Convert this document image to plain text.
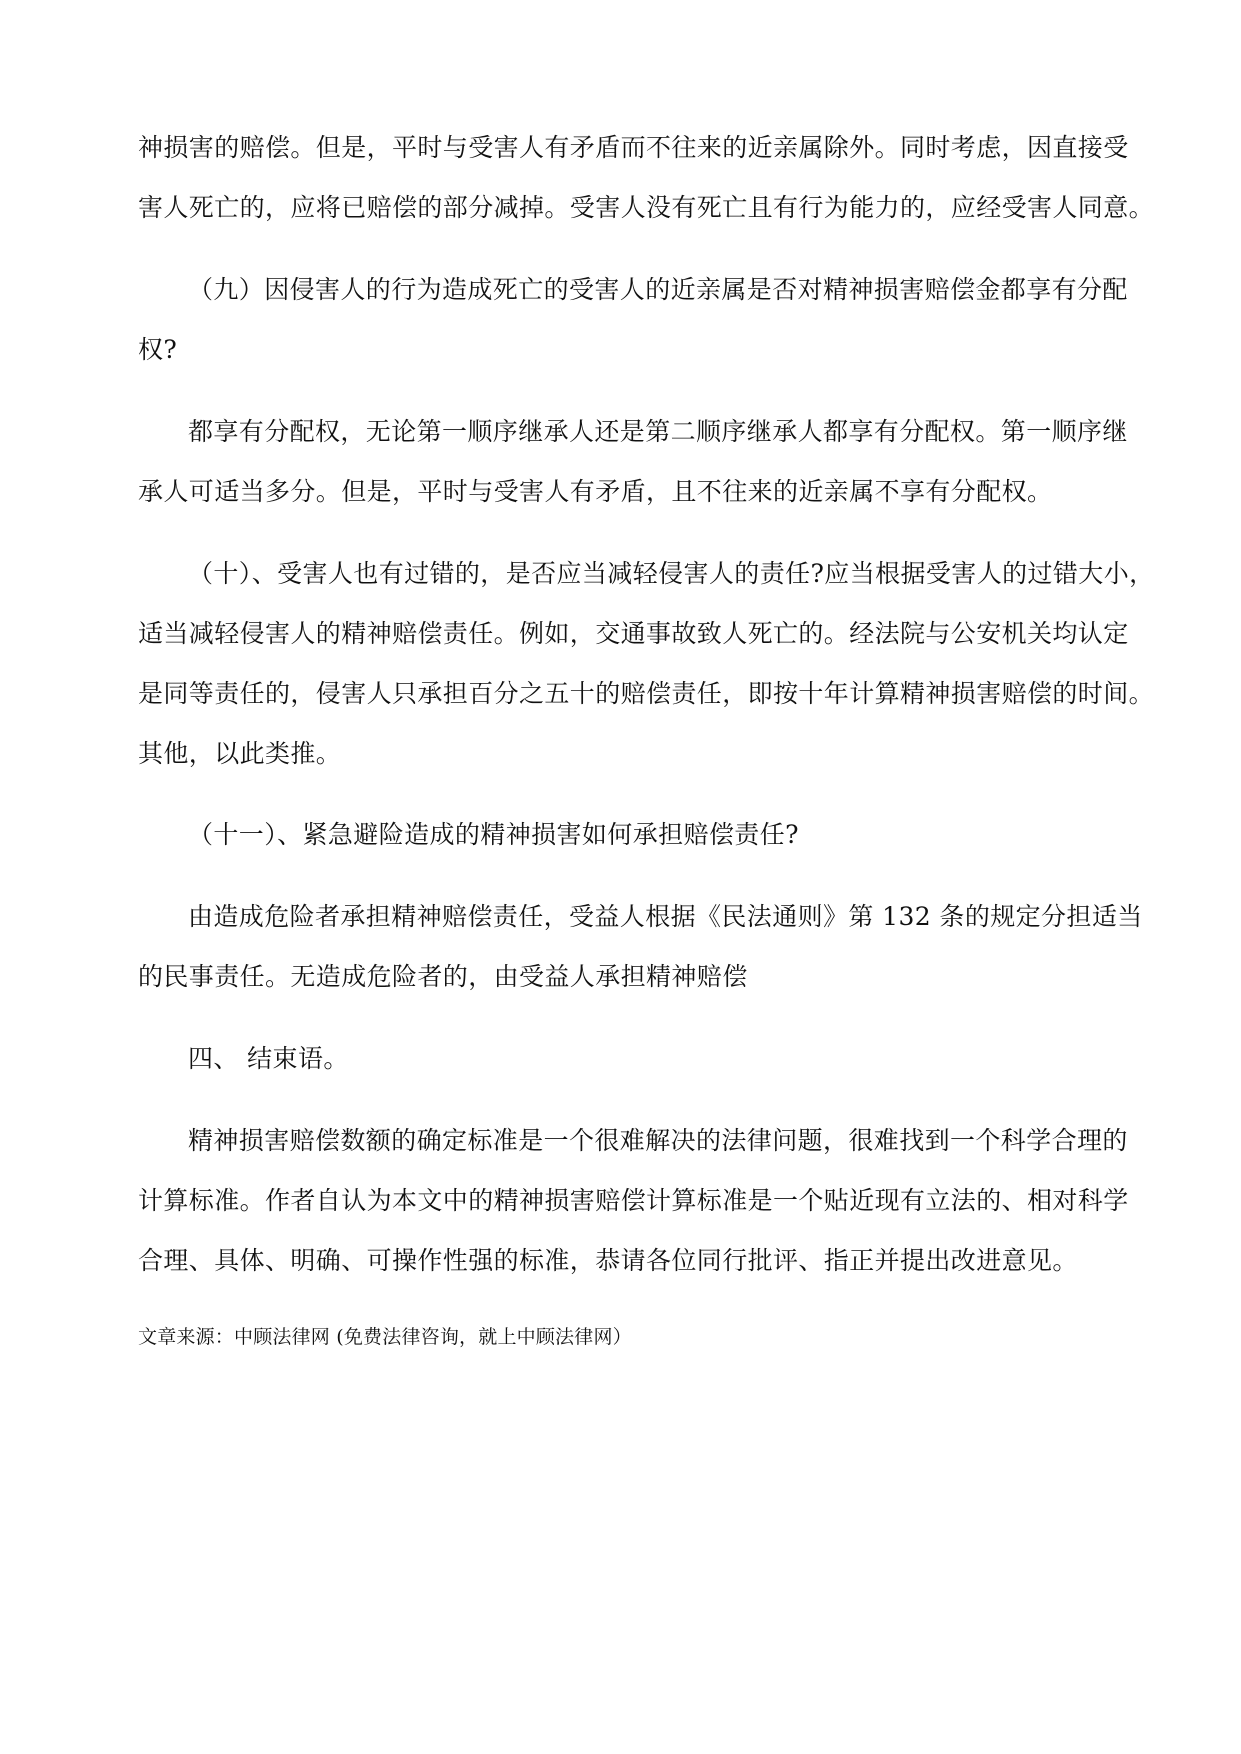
神损害的赔偿。但是，平时与受害人有矛盾而不往来的近亲属除外。同时考虑，因直接受
害人死亡的，应将已赔偿的部分减掉。受害人没有死亡且有行为能力的，应经受害人同意。
（九）因侵害人的行为造成死亡的受害人的近亲属是否对精神损害赔偿金都享有分配
权?
都享有分配权，无论第一顺序继承人还是第二顺序继承人都享有分配权。第一顺序继
承人可适当多分。但是，平时与受害人有矛盾，且不往来的近亲属不享有分配权。
（十）、受害人也有过错的，是否应当减轻侵害人的责任?应当根据受害人的过错大小，
适当减轻侵害人的精神赔偿责任。例如，交通事故致人死亡的。经法院与公安机关均认定
是同等责任的，侵害人只承担百分之五十的赔偿责任，即按十年计算精神损害赔偿的时间。
其他，以此类推。
（十一）、紧急避险造成的精神损害如何承担赔偿责任?
由造成危险者承担精神赔偿责任，受益人根据《民法通则》第 132 条的规定分担适当
的民事责任。无造成危险者的，由受益人承担精神赔偿
四、 结束语。
精神损害赔偿数额的确定标准是一个很难解决的法律问题，很难找到一个科学合理的
计算标准。作者自认为本文中的精神损害赔偿计算标准是一个贴近现有立法的、相对科学
合理、具体、明确、可操作性强的标准，恭请各位同行批评、指正并提出改进意见。
文章来源：中顾法律网 (免费法律咨询，就上中顾法律网）
